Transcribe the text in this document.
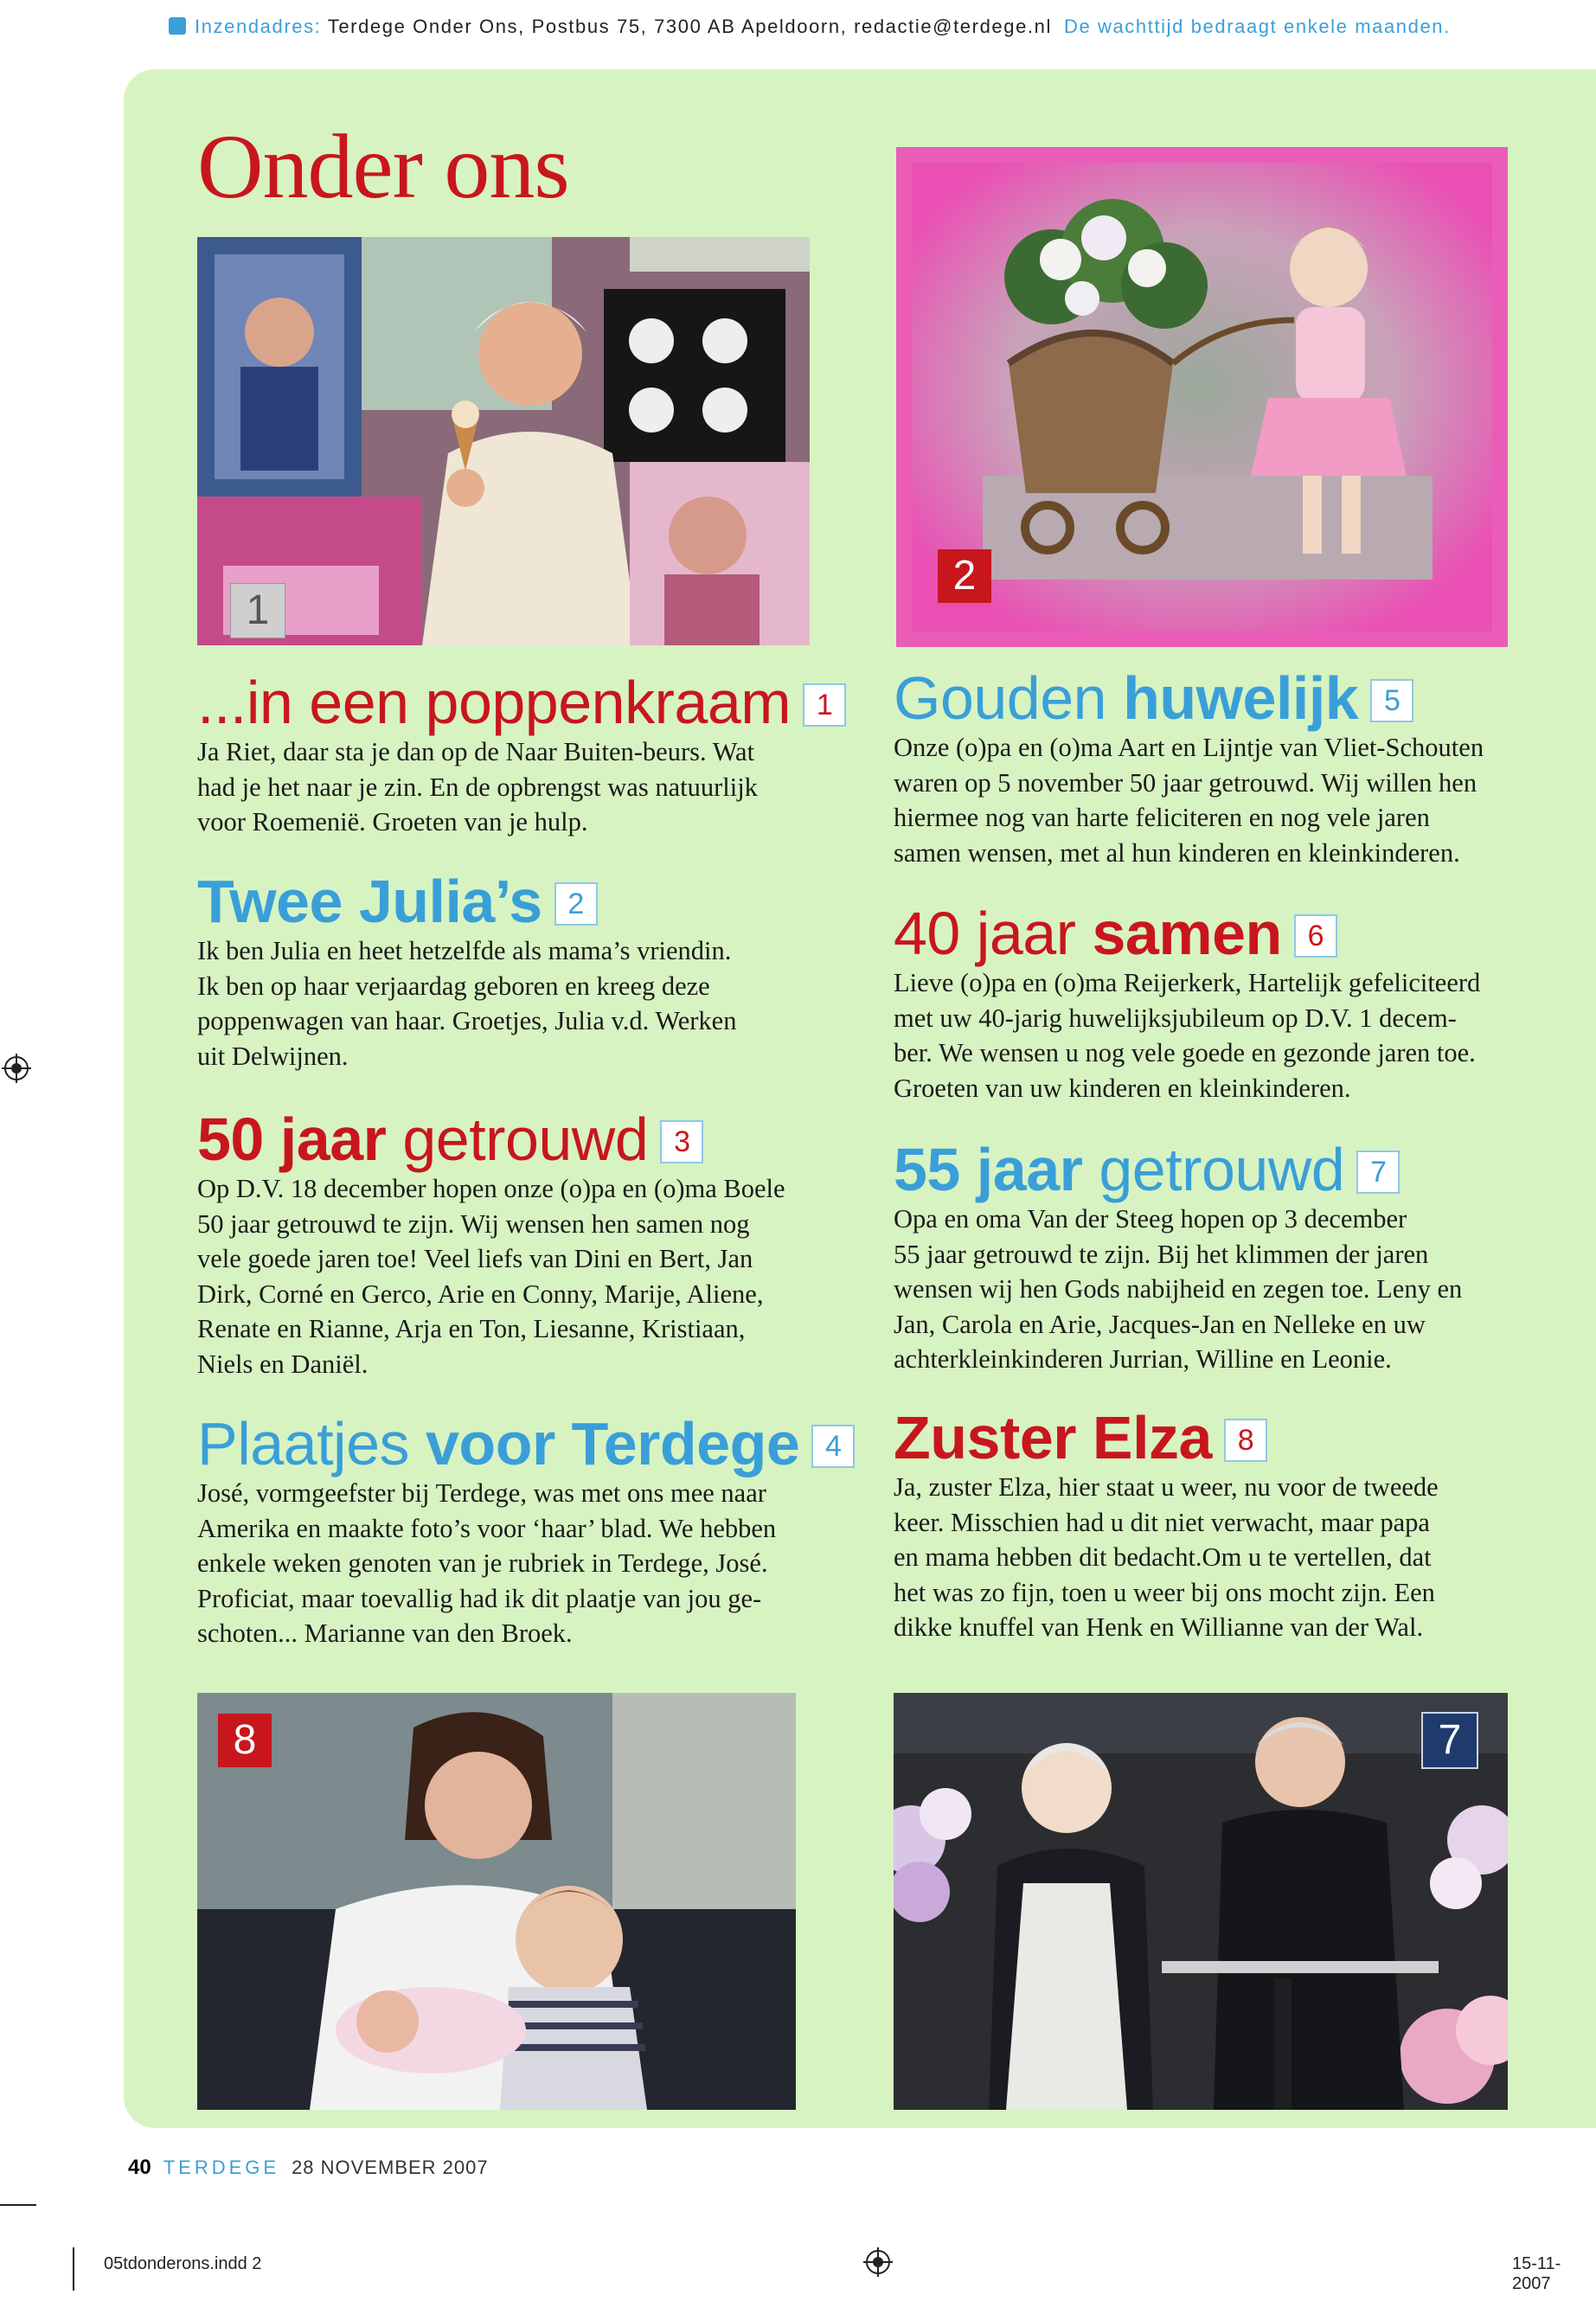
Inzendadres: Terdege Onder Ons, Postbus 75, 7300 AB Apeldoorn, redactie@terdege.nl De wachttijd bedraagt enkele maanden.
Onder ons
1
2
8	7
...in een poppenkraam 1

Ja Riet, daar sta je dan op de Naar Buiten-beurs. Wat
had je het naar je zin. En de opbrengst was natuurlijk
voor Roemenië. Groeten van je hulp.

Twee Julia’s 2

Ik ben Julia en heet hetzelfde als mama’s vriendin.
Ik ben op haar verjaardag geboren en kreeg deze
poppenwagen van haar. Groetjes, Julia v.d. Werken
uit Delwijnen.

50 jaar getrouwd 3

Op D.V. 18 december hopen onze (o)pa en (o)ma Boele
50 jaar getrouwd te zijn. Wij wensen hen samen nog
vele goede jaren toe! Veel liefs van Dini en Bert, Jan
Dirk, Corné en Gerco, Arie en Conny, Marije, Aliene,
Renate en Rianne, Arja en Ton, Liesanne, Kristiaan,
Niels en Daniël.

Plaatjes voor Terdege 4

José, vormgeefster bij Terdege, was met ons mee naar
Amerika en maakte foto’s voor ‘haar’ blad. We hebben
enkele weken genoten van je rubriek in Terdege, José.
Proficiat, maar toevallig had ik dit plaatje van jou ge-
schoten... Marianne van den Broek.

Gouden huwelijk 5

Onze (o)pa en (o)ma Aart en Lijntje van Vliet-Schouten
waren op 5 november 50 jaar getrouwd. Wij willen hen
hiermee nog van harte feliciteren en nog vele jaren
samen wensen, met al hun kinderen en kleinkinderen.

40 jaar samen 6

Lieve (o)pa en (o)ma Reijerkerk, Hartelijk gefeliciteerd
met uw 40-jarig huwelijksjubileum op D.V. 1 decem-
ber. We wensen u nog vele goede en gezonde jaren toe.
Groeten van uw kinderen en kleinkinderen.

55 jaar getrouwd 7

Opa en oma Van der Steeg hopen op 3 december
55 jaar getrouwd te zijn. Bij het klimmen der jaren
wensen wij hen Gods nabijheid en zegen toe. Leny en
Jan, Carola en Arie, Jacques-Jan en Nelleke en uw
achterkleinkinderen Jurrian, Willine en Leonie.

Zuster Elza 8

Ja, zuster Elza, hier staat u weer, nu voor de tweede
keer. Misschien had u dit niet verwacht, maar papa
en mama hebben dit bedacht.Om u te vertellen, dat
het was zo fijn, toen u weer bij ons mocht zijn. Een
dikke knuffel van Henk en Willianne van der Wal.

40 TERDEGE 28 NOVEMBER 2007
05tdonderons.indd 2	15-11-2007
